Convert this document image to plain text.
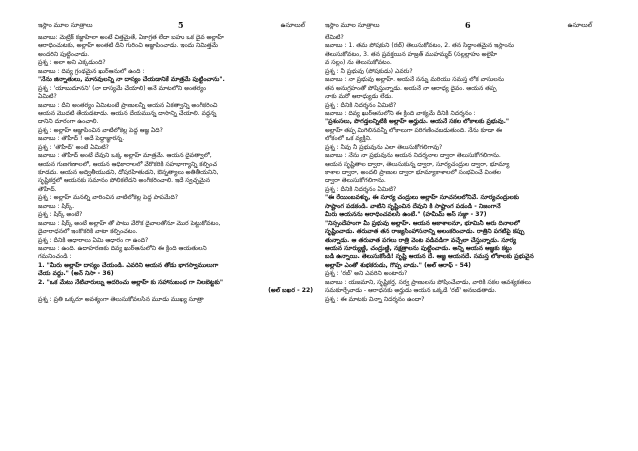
ఇస్లాం మూల సూత్రాలు	5	ఉసూలుల్
జవాబు: మెట్రిక్ కజ్జాహిలా అంటే చిత్తమైతే, ఏకాగ్రత లేదా బహు ఒక దైవ అల్లాహ్
ఆరాధించుటకు, అల్లాహ్ అంతటి దీని గురించి ఆజ్ఞాపించాడు. ఇందు నిమిత్తమే
అందరిని పుట్టించాడు.
ప్రశ్న : అలా అని ఎక్కడుంది?
జవాబు : దివ్య గ్రంథమైన ఖుర్ఆనులో ఉంది :
"నేను జిన్నాతులు, మానవులన్ని నా దాస్యం చేయడానికే మాత్రమే పుట్టించాను".
ప్రశ్న : 'యాబుదూనని' (నా దాస్యమే చేయాలి) అనే మాటలోని అంతర్యం
ఏమిటి?
జవాబు : దీని అంతర్యం ఏమిటంటే ప్రాణులన్నీ అయన ఏకత్వాన్ని అంగీకరించి
ఆయన మెుదటి తేయడటాడు. ఆయన దేయమున్న దాసాన్ని చేయాలి. వద్దన్న
దానిని దూరంగా ఉంచాలి.
ప్రశ్న : అల్లాహ్ ఆజ్ఞాపించిన వాటిలోకెల్ల పెద్ద ఆజ్ఞ ఏది?
జవాబు : తౌహీద్ ! అదే పెద్దాజ్ఞారన్న.
ప్రశ్న : 'తౌహీద్' అంటే ఏమిటి?
జవాబు : తౌహీద్ అంటే దేవుని ఒక్క అల్లాహ్ మాత్రమే. ఆయన దైవత్వాలో,
ఆయన గుణగణాలలో, ఆయన ఆధికారాలలో వేరొకరికి సహభాగ్యాన్ని కల్పించ
కూడదు. ఆయన అద్వితీయుడని, దోషరహితుడని, ఔన్నత్యాలు అతితీయనిని,
సృష్టికర్తలో ఆయనకు సమానం పోలికలేదని అంగీకరించాలి. ఇదే స్వచ్ఛమైన
తౌహీద్.
ప్రశ్న : అల్లాహ్ మనల్ని వారించిన వాటిలోకెల్ల పెద్ద పాపమేది?
జవాబు : షిర్క్.
ప్రశ్న : షిర్క్ అంటే?
జవాబు : షిర్క్ అంటే అల్లాహ్ తో పాటు వేరొక దైవాలతోనూ మొర పెట్టుకోవటం,
దైవారాధనలో ఇంకొకరికి వాటా కల్పించటం.
ప్రశ్న : దీనికి ఆధారాలు ఏమి ఆధారం గా ఉంది?
జవాబు : ఉంది. ఉదాహరణకు దివ్య ఖుర్ఆనులోని ఈ క్రింది ఆయతులని
గమనించండి :
1. "మీరు అల్లాహ్ దాస్యం చేయండి. ఎవరిని ఆయన తోడు భాగస్వాములుగా
చేయ వద్దు." (అన్ నిసా - 36)
2. "ఒక మేటు నేటివారుల్ను ఆదరించు అల్లాహ్ కు సహానుబంధ గా నిలబెట్టకు"
(అల్ బఖర - 22)
ప్రశ్న : ప్రతి ఒక్కరూ అవశ్యంగా తెలుసుకోవలసిన మూడు ముఖ్య సూత్రా
ఇస్లాం మూల సూత్రాలు	6	ఉసూలుల్
లేమిటి?
జవాబు : 1. తమ పోషకుని (రబ్) తెలుసుకోవటం, 2. తన సిద్ధాంతమైన ఇస్లాంను
తెలుసుకోవటం, 3. తన ప్రవక్తయిన హజ్రత్ ముహమ్మద్ (సల్లల్లాహు అలైహి
వ సల్లం) ను తెలుసుకోవటం.
ప్రశ్న : నీ ప్రభువు (పోషకుడు) ఎవరు?
జవాబు : నా ప్రభువు అల్లాహ్. అయనే నన్ను మరియు సమస్త లోక వాసులను
తన అనుగ్రహంతో పోషిస్తున్నాడు. అయనే నా ఆరాధ్య దైవం. ఆయన తప్ప
నాకు మరో ఆరాధ్యుడు లేడు.
ప్రశ్న : దీనికి నిదర్శనం ఏమిటి?
జవాబు : దివ్య ఖుర్ఆనులోని ఈ క్రింది వాక్యమే దీనికి నిదర్శనం :
"ప్రశంసలు, పొగడ్తలన్నిటికి అల్లాహ్ అర్హుడు. ఆయనే సకల లోకాలకు ప్రభువు."
అల్లాహ్ తప్ప మిగిలినవన్నీ లోకాలుగా పరిగణించబడుతుంది. నేను కూడా ఈ
లోకంలో ఒక వ్యక్తిని.
ప్రశ్న : నీవు నీ ప్రభువును ఎలా తెలుసుకోగలిగావు?
జవాబు : నేను నా ప్రభువును ఆయన నిదర్శనాల ద్వారా తెలుసుకోగలిగాను.
ఆయన సృష్టితాల ద్వారా, తెలుసుకున్న ద్వారా, సూర్యచంద్రుల ద్వారా, భూమ్యా
కాశాల ద్వారా, అందలి ప్రాణుల ద్వారా భూమ్యాకాశాలలో సంభవించే వింతల
ద్వారా తెలుసుకోగలిగాను.
ప్రశ్న : దీనికి నిదర్శనం ఏమిటి?
"ఈ రేయింబవళ్ళు, ఈ సూర్య చంద్రులు అల్లాహ్ సూచనలలోనివే. సూర్యచంద్రులకు
సాష్టాంగ పడకండి. వాటిని సృష్టించిన దేవుని కి సాష్టాంగ పడండి - నిజంగానే
మీరు ఆయనను ఆరాధించవలసి ఉంటే." (హమీమ్ అస్ సజ్దా - 37)
"నిస్సందేహంగా మీ ప్రభువు అల్లాహ్. ఆయన ఆకాశాలనూ, భూమినీ ఆరు దినాలలో
సృష్టించాడు. తరువాత తన రాజ్యసింహాసనాన్ని అలంకరించాడు. రాత్రిని పగటిపై కప్పు
తున్నాడు. ఆ తరువాత పగలు రాత్రి వెంట వడివడిగా వచ్చేలా చేస్తున్నాడు. సూర్య
ఆయన సూర్యుణ్ణి, చంద్రుణ్ణి, నక్షత్రాలను పుట్టించాడు. అన్ని ఆయన ఆజ్ఞకు కట్టు
బడి ఉన్నాయి. తెలుసుకోండి! సృష్టి ఆయన దే. ఆజ్ఞ ఆయనదే. సమస్త లోకాలకు ప్రభువైన
అల్లాహ్ ఎంతో శుభకరుడు, గొప్ప వాడు." (అల్ ఆరాఫ్ - 54)
ప్రశ్న : 'రబ్' అని ఎవరిని అంటారు?
జవాబు : యజమాని, సృష్టికర్త, సర్వ ప్రాణులను పోషించేవాడు, వారికి సకల ఆవశ్యకతలు
సమకూర్చేవాడు - ఆరాధనకు అర్హుడు ఆయన ఒక్కడే 'రబ్' అనబడతాడు.
ప్రశ్న : ఈ మాటకు విన్నా నిదర్శనం ఉందా?
